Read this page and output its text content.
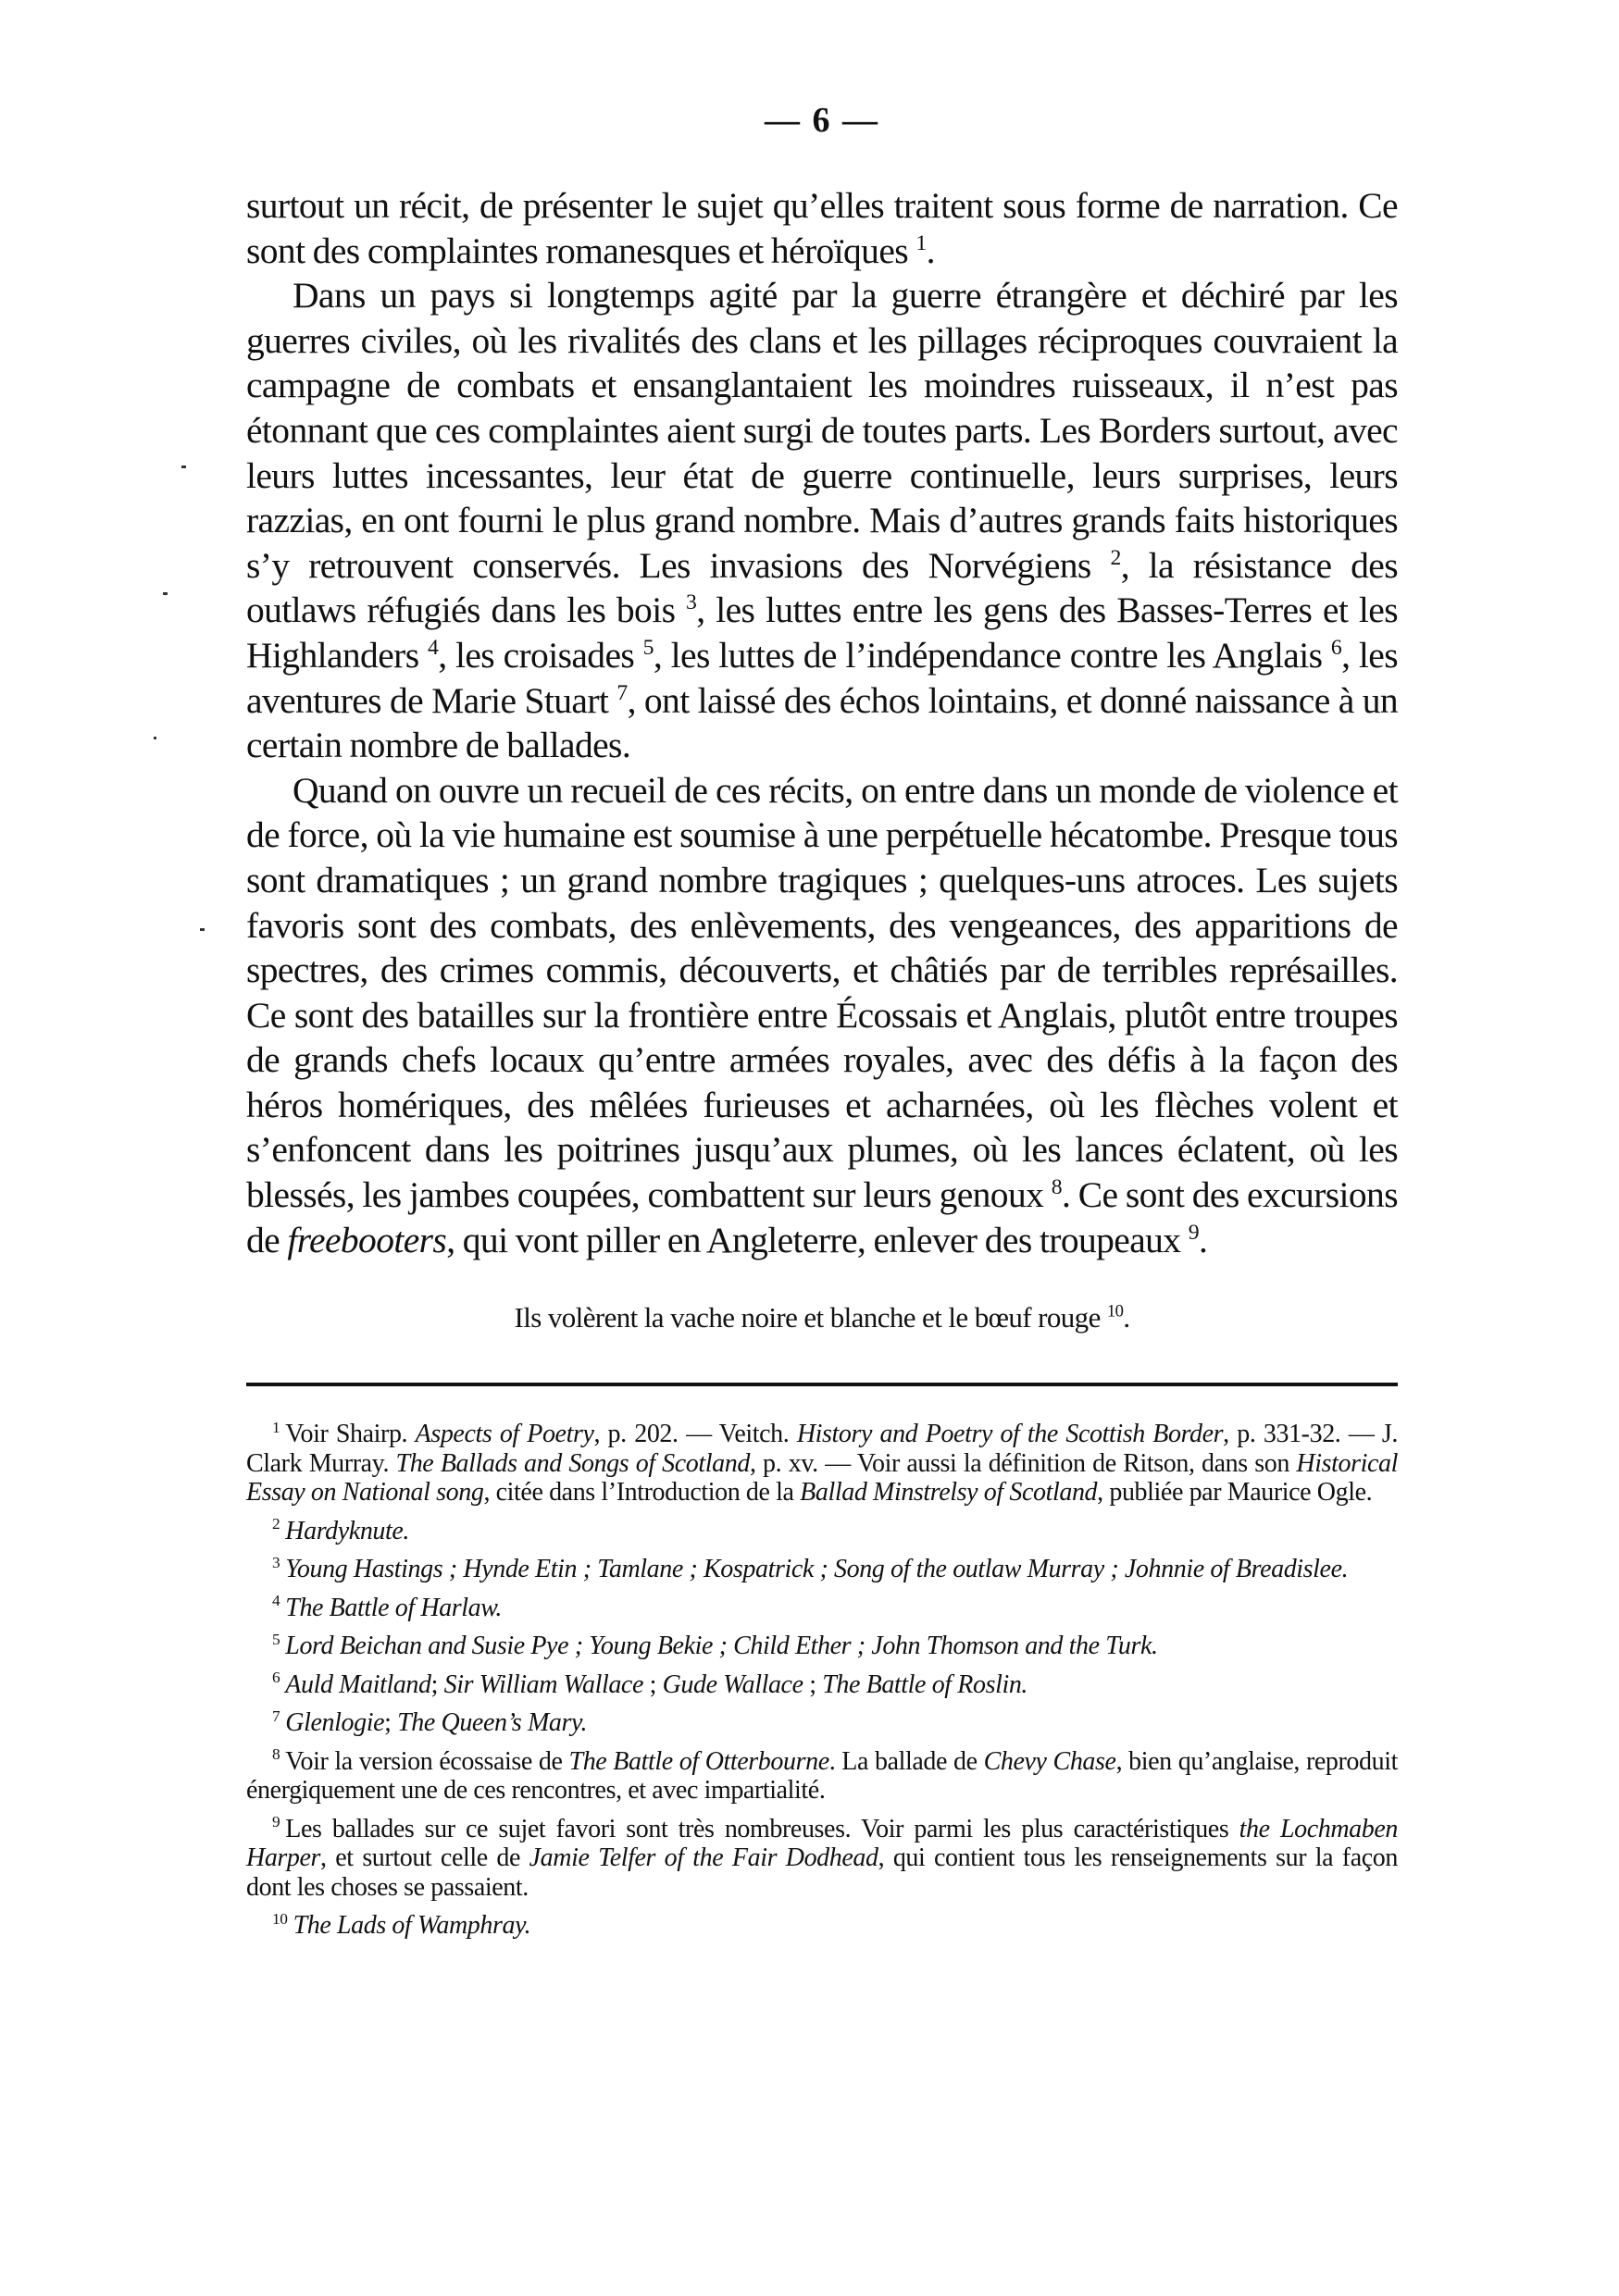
— 6 —

surtout un récit, de présenter le sujet qu’elles traitent sous forme de narration. Ce sont des complaintes romanesques et héroïques $^1$.

Dans un pays si longtemps agité par la guerre étrangère et déchiré par les guerres civiles, où les rivalités des clans et les pillages réciproques couvraient la campagne de combats et ensanglantaient les moindres ruisseaux, il n’est pas étonnant que ces complaintes aient surgi de toutes parts. Les Borders surtout, avec leurs luttes incessantes, leur état de guerre continuelle, leurs surprises, leurs razzias, en ont fourni le plus grand nombre. Mais d’autres grands faits historiques s’y retrouvent conservés. Les invasions des Norvégiens $^2$, la résistance des outlaws réfugiés dans les bois $^3$, les luttes entre les gens des Basses-Terres et les Highlanders $^4$, les croisades $^5$, les luttes de l’indépendance contre les Anglais $^6$, les aventures de Marie Stuart $^7$, ont laissé des échos lointains, et donné naissance à un certain nombre de ballades.

Quand on ouvre un recueil de ces récits, on entre dans un monde de violence et de force, où la vie humaine est soumise à une perpétuelle hécatombe. Presque tous sont dramatiques ; un grand nombre tragiques ; quelques-uns atroces. Les sujets favoris sont des combats, des enlèvements, des vengeances, des apparitions de spectres, des crimes commis, découverts, et châtiés par de terribles représailles. Ce sont des batailles sur la frontière entre Écossais et Anglais, plutôt entre troupes de grands chefs locaux qu’entre armées royales, avec des défis à la façon des héros homériques, des mêlées furieuses et acharnées, où les flèches volent et s’enfoncent dans les poitrines jusqu’aux plumes, où les lances éclatent, où les blessés, les jambes coupées, combattent sur leurs genoux $^8$. Ce sont des excursions de freebooters, qui vont piller en Angleterre, enlever des troupeaux $^9$.

Ils volèrent la vache noire et blanche et le bœuf rouge $^{10}$.
$^1$ Voir Shairp. Aspects of Poetry, p. 202. — Veitch. History and Poetry of the Scottish Border, p. 331-32. — J. Clark Murray. The Ballads and Songs of Scotland, p. xv. — Voir aussi la définition de Ritson, dans son Historical Essay on National song, citée dans l’Introduction de la Ballad Minstrelsy of Scotland, publiée par Maurice Ogle.
$^2$ Hardyknute.
$^3$ Young Hastings ; Hynde Etin ; Tamlane ; Kospatrick ; Song of the outlaw Murray ; Johnnie of Breadislee.
$^4$ The Battle of Harlaw.
$^5$ Lord Beichan and Susie Pye ; Young Bekie ; Child Ether ; John Thomson and the Turk.
$^6$ Auld Maitland; Sir William Wallace ; Gude Wallace ; The Battle of Roslin.
$^7$ Glenlogie; The Queen’s Mary.
$^8$ Voir la version écossaise de The Battle of Otterbourne. La ballade de Chevy Chase, bien qu’anglaise, reproduit énergiquement une de ces rencontres, et avec impartialité.
$^9$ Les ballades sur ce sujet favori sont très nombreuses. Voir parmi les plus caractéristiques the Lochmaben Harper, et surtout celle de Jamie Telfer of the Fair Dodhead, qui contient tous les renseignements sur la façon dont les choses se passaient.
$^{10}$ The Lads of Wamphray.
